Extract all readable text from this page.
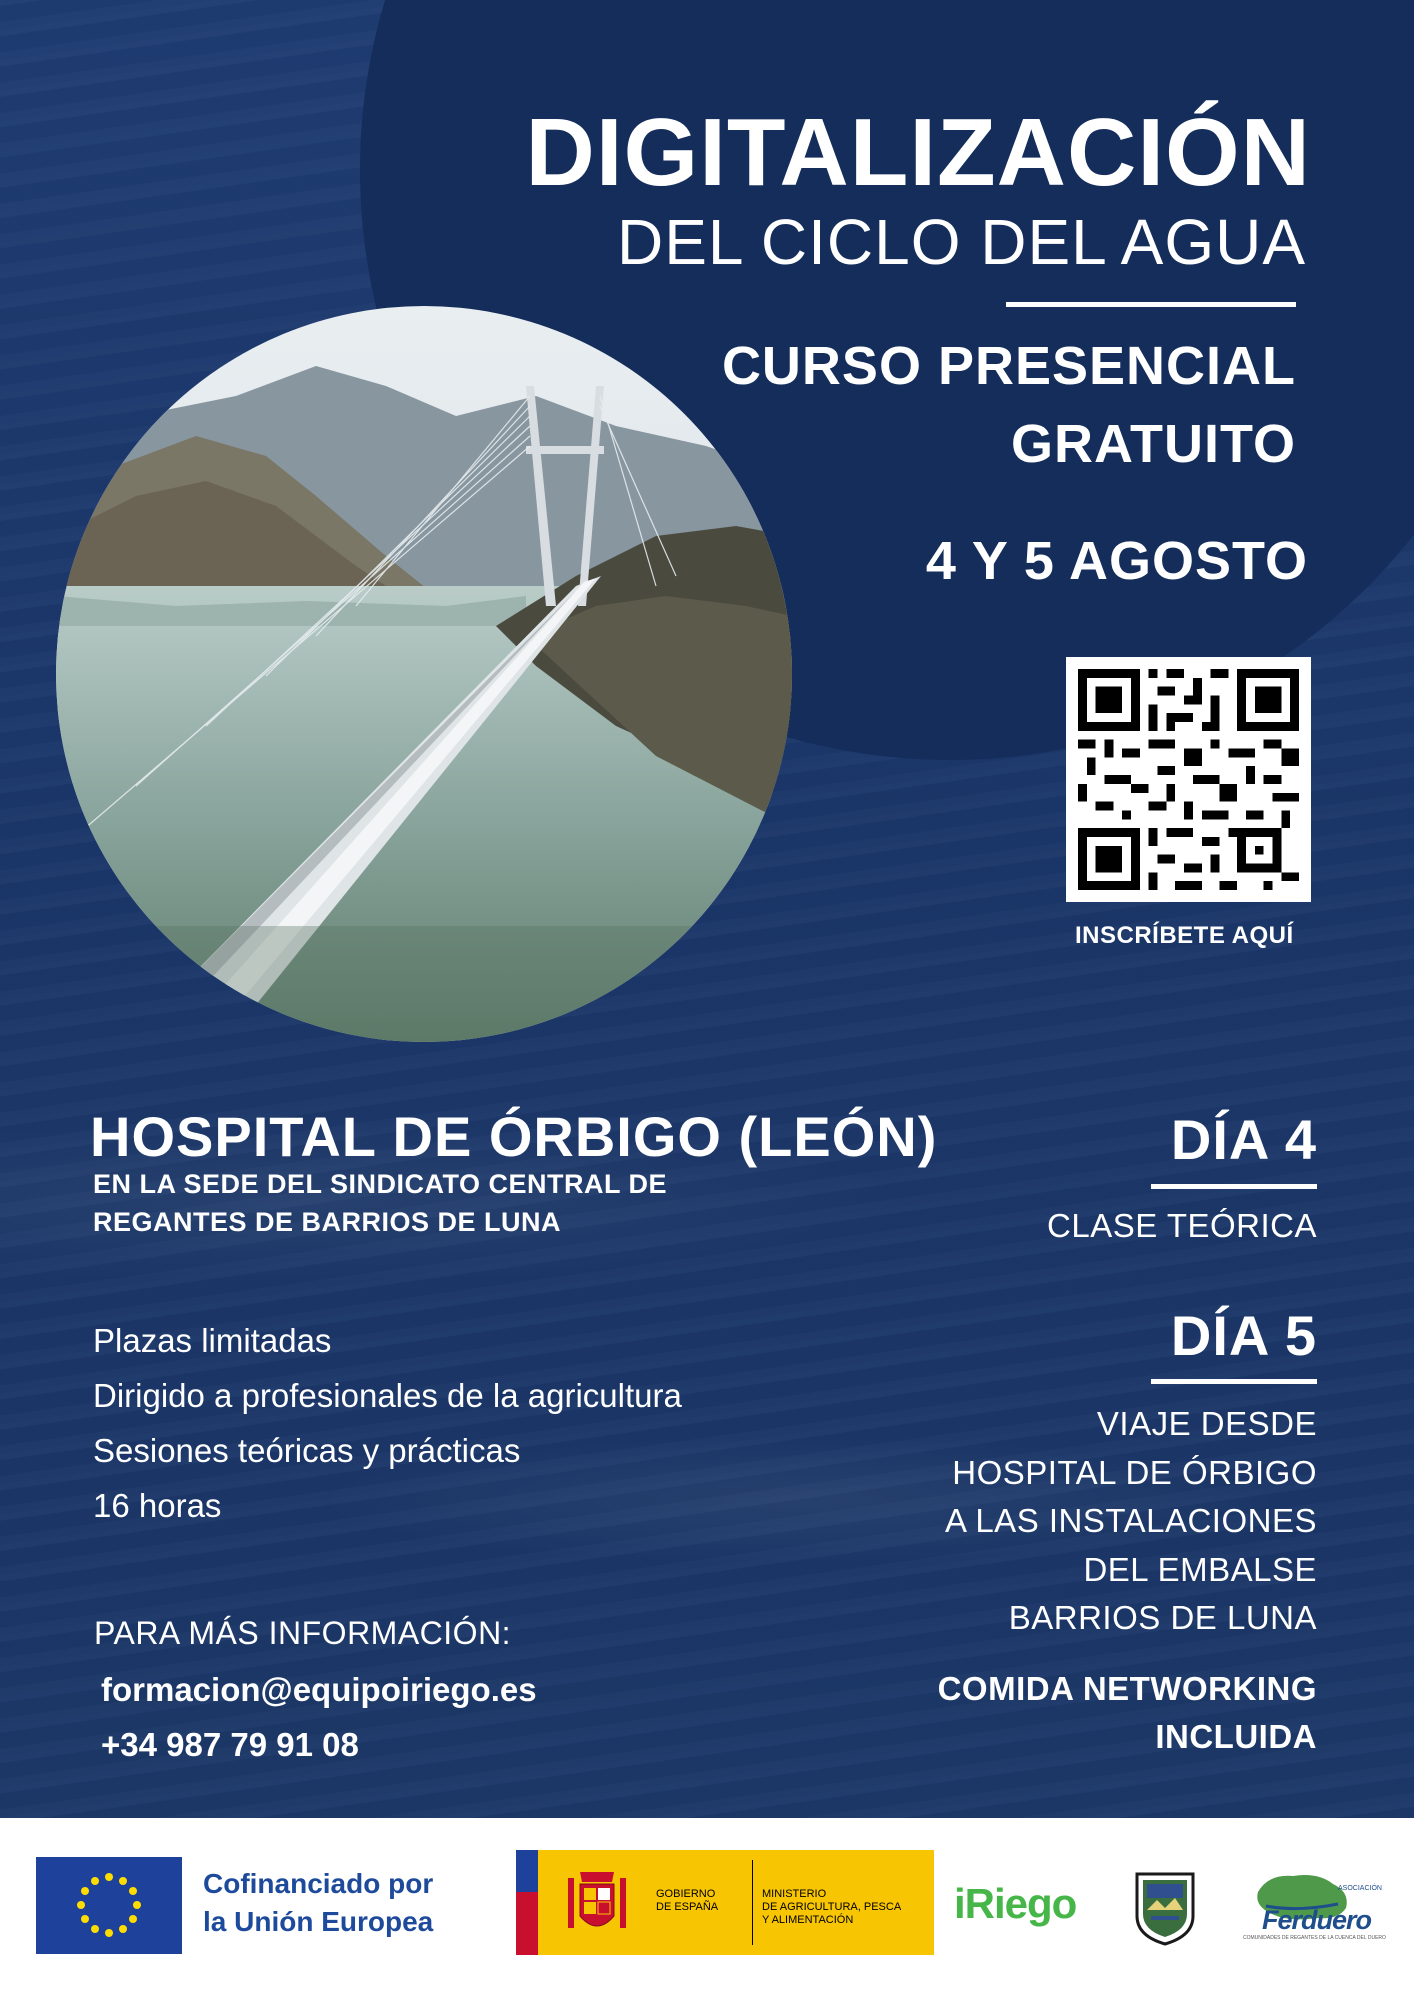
DIGITALIZACIÓN
DEL CICLO DEL AGUA
CURSO PRESENCIAL
GRATUITO
4 Y 5 AGOSTO
INSCRÍBETE AQUÍ
HOSPITAL DE ÓRBIGO (LEÓN)
EN LA SEDE DEL SINDICATO CENTRAL DE
REGANTES DE BARRIOS DE LUNA
Plazas limitadas
Dirigido a profesionales de la agricultura
Sesiones teóricas y prácticas
16 horas
PARA MÁS INFORMACIÓN:
formacion@equipoiriego.es
+34 987 79 91 08
DÍA 4
CLASE TEÓRICA
DÍA 5
VIAJE DESDE
HOSPITAL DE ÓRBIGO
A LAS INSTALACIONES
DEL EMBALSE
BARRIOS DE LUNA
COMIDA NETWORKING
INCLUIDA
Cofinanciado por
la Unión Europea
GOBIERNO
DE ESPAÑA
MINISTERIO
DE AGRICULTURA, PESCA
Y ALIMENTACIÓN iRiego	ASOCIACIÓN
Ferduero
COMUNIDADES DE REGANTES DE LA CUENCA DEL DUERO
